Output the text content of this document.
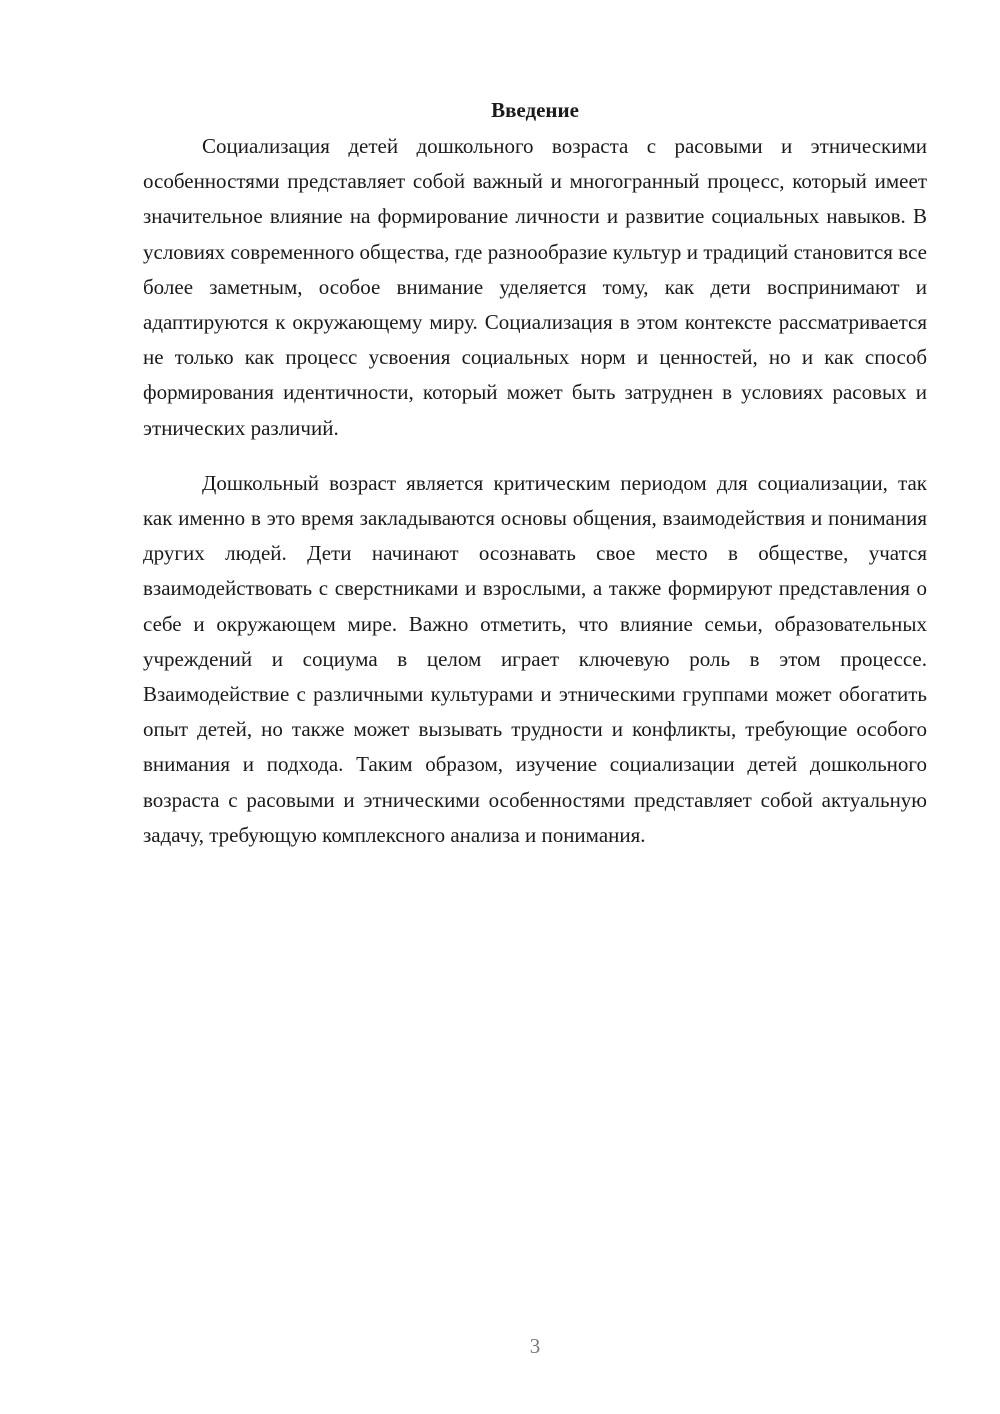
Введение

Социализация детей дошкольного возраста с расовыми и этническими особенностями представляет собой важный и многогранный процесс, который имеет значительное влияние на формирование личности и развитие социальных навыков. В условиях современного общества, где разнообразие культур и традиций становится все более заметным, особое внимание уделяется тому, как дети воспринимают и адаптируются к окружающему миру. Социализация в этом контексте рассматривается не только как процесс усвоения социальных норм и ценностей, но и как способ формирования идентичности, который может быть затруднен в условиях расовых и этнических различий.

Дошкольный возраст является критическим периодом для социализации, так как именно в это время закладываются основы общения, взаимодействия и понимания других людей. Дети начинают осознавать свое место в обществе, учатся взаимодействовать с сверстниками и взрослыми, а также формируют представления о себе и окружающем мире. Важно отметить, что влияние семьи, образовательных учреждений и социума в целом играет ключевую роль в этом процессе. Взаимодействие с различными культурами и этническими группами может обогатить опыт детей, но также может вызывать трудности и конфликты, требующие особого внимания и подхода. Таким образом, изучение социализации детей дошкольного возраста с расовыми и этническими особенностями представляет собой актуальную задачу, требующую комплексного анализа и понимания.

3
